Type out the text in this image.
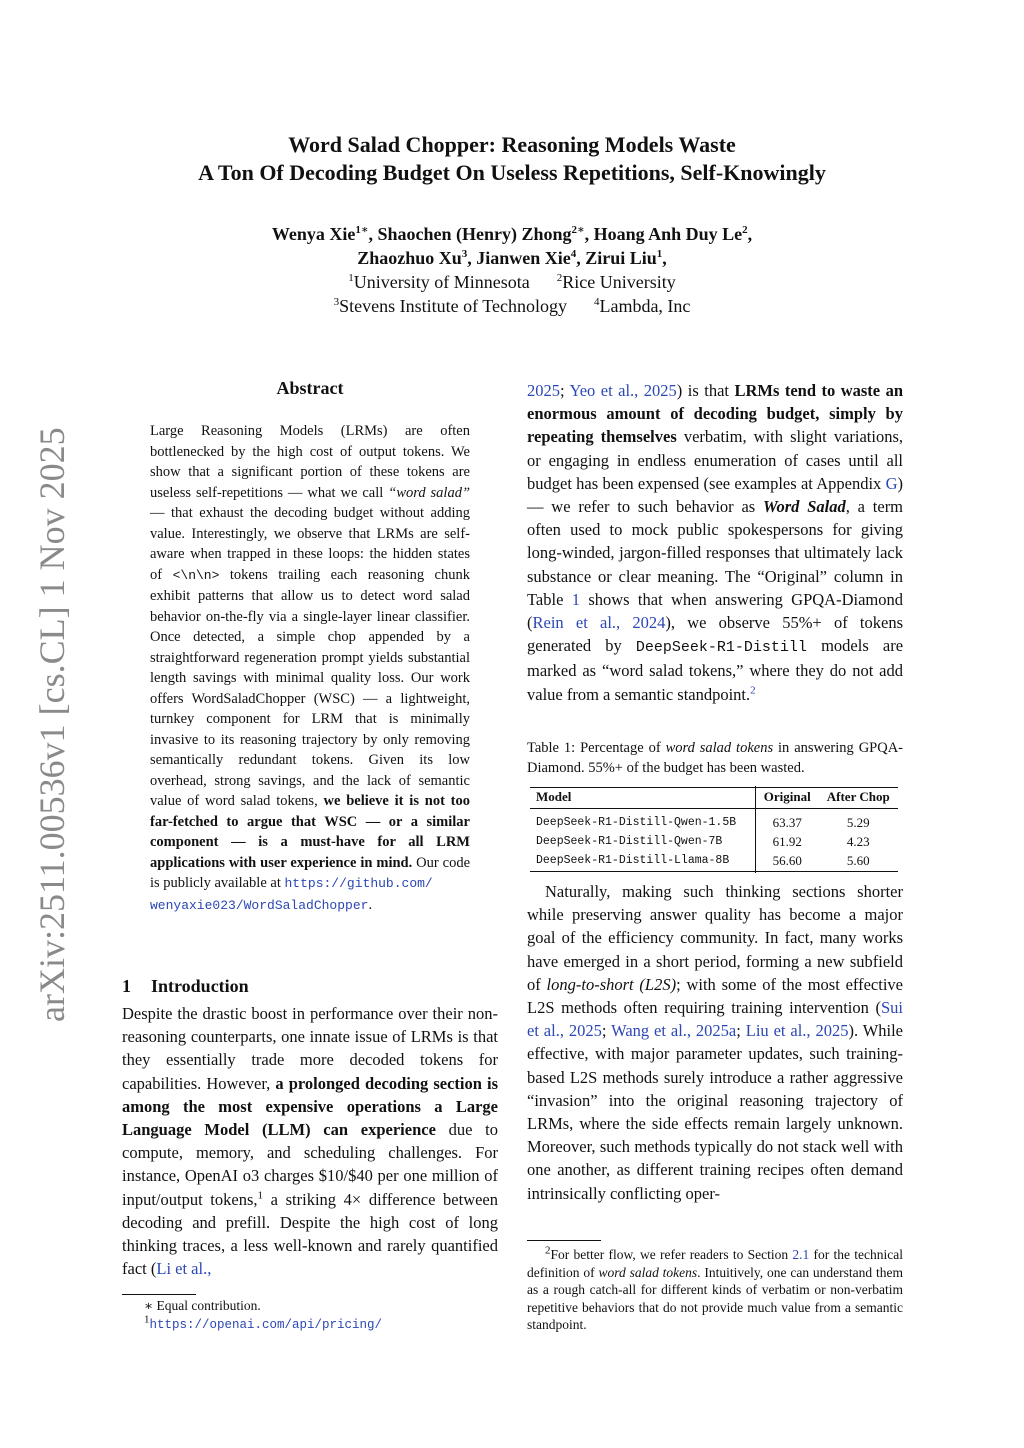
arXiv:2511.00536v1 [cs.CL] 1 Nov 2025
Word Salad Chopper: Reasoning Models Waste
A Ton Of Decoding Budget On Useless Repetitions, Self-Knowingly
Wenya Xie$^{1∗}$, Shaochen (Henry) Zhong$^{2∗}$, Hoang Anh Duy Le$^2$,
Zhaozhuo Xu$^3$, Jianwen Xie$^4$, Zirui Liu$^1$,
$^1$University of Minnesota $^2$Rice University
$^3$Stevens Institute of Technology $^4$Lambda, Inc
Abstract
Large Reasoning Models (LRMs) are often bottlenecked by the high cost of output tokens. We show that a significant portion of these tokens are useless self-repetitions — what we call “word salad” — that exhaust the decoding budget without adding value. Interestingly, we observe that LRMs are self-aware when trapped in these loops: the hidden states of <\n\n> tokens trailing each reasoning chunk exhibit patterns that allow us to detect word salad behavior on-the-fly via a single-layer linear classifier. Once detected, a simple chop appended by a straightforward regeneration prompt yields substantial length savings with minimal quality loss. Our work offers WordSaladChopper (WSC) — a lightweight, turnkey component for LRM that is minimally invasive to its reasoning trajectory by only removing semantically redundant tokens. Given its low overhead, strong savings, and the lack of semantic value of word salad tokens, we believe it is not too far-fetched to argue that WSC — or a similar component — is a must-have for all LRM applications with user experience in mind. Our code is publicly available at https://github.com/
wenyaxie023/WordSaladChopper.
1 Introduction
Despite the drastic boost in performance over their non-reasoning counterparts, one innate issue of LRMs is that they essentially trade more decoded tokens for capabilities. However, a prolonged decoding section is among the most expensive operations a Large Language Model (LLM) can experience due to compute, memory, and scheduling challenges. For instance, OpenAI o3 charges $10/$40 per one million of input/output tokens,$^1$ a striking 4× difference between decoding and prefill. Despite the high cost of long thinking traces, a less well-known and rarely quantified fact (Li et al.,
2025; Yeo et al., 2025) is that LRMs tend to waste an enormous amount of decoding budget, simply by repeating themselves verbatim, with slight variations, or engaging in endless enumeration of cases until all budget has been expensed (see examples at Appendix G) — we refer to such behavior as Word Salad, a term often used to mock public spokespersons for giving long-winded, jargon-filled responses that ultimately lack substance or clear meaning. The “Original” column in Table 1 shows that when answering GPQA-Diamond (Rein et al., 2024), we observe 55%+ of tokens generated by DeepSeek-R1-Distill models are marked as “word salad tokens,” where they do not add value from a semantic standpoint.$^2$
Table 1: Percentage of word salad tokens in answering GPQA-Diamond. 55%+ of the budget has been wasted.
Model	Original	After Chop
DeepSeek-R1-Distill-Qwen-1.5B	63.37	5.29
DeepSeek-R1-Distill-Qwen-7B	61.92	4.23
DeepSeek-R1-Distill-Llama-8B	56.60	5.60
Naturally, making such thinking sections shorter while preserving answer quality has become a major goal of the efficiency community. In fact, many works have emerged in a short period, forming a new subfield of long-to-short (L2S); with some of the most effective L2S methods often requiring training intervention (Sui et al., 2025; Wang et al., 2025a; Liu et al., 2025). While effective, with major parameter updates, such training-based L2S methods surely introduce a rather aggressive “invasion” into the original reasoning trajectory of LRMs, where the side effects remain largely unknown. Moreover, such methods typically do not stack well with one another, as different training recipes often demand intrinsically conflicting oper-
∗ Equal contribution.
$^1$https://openai.com/api/pricing/
$^2$For better flow, we refer readers to Section 2.1 for the technical definition of word salad tokens. Intuitively, one can understand them as a rough catch-all for different kinds of verbatim or non-verbatim repetitive behaviors that do not provide much value from a semantic standpoint.
